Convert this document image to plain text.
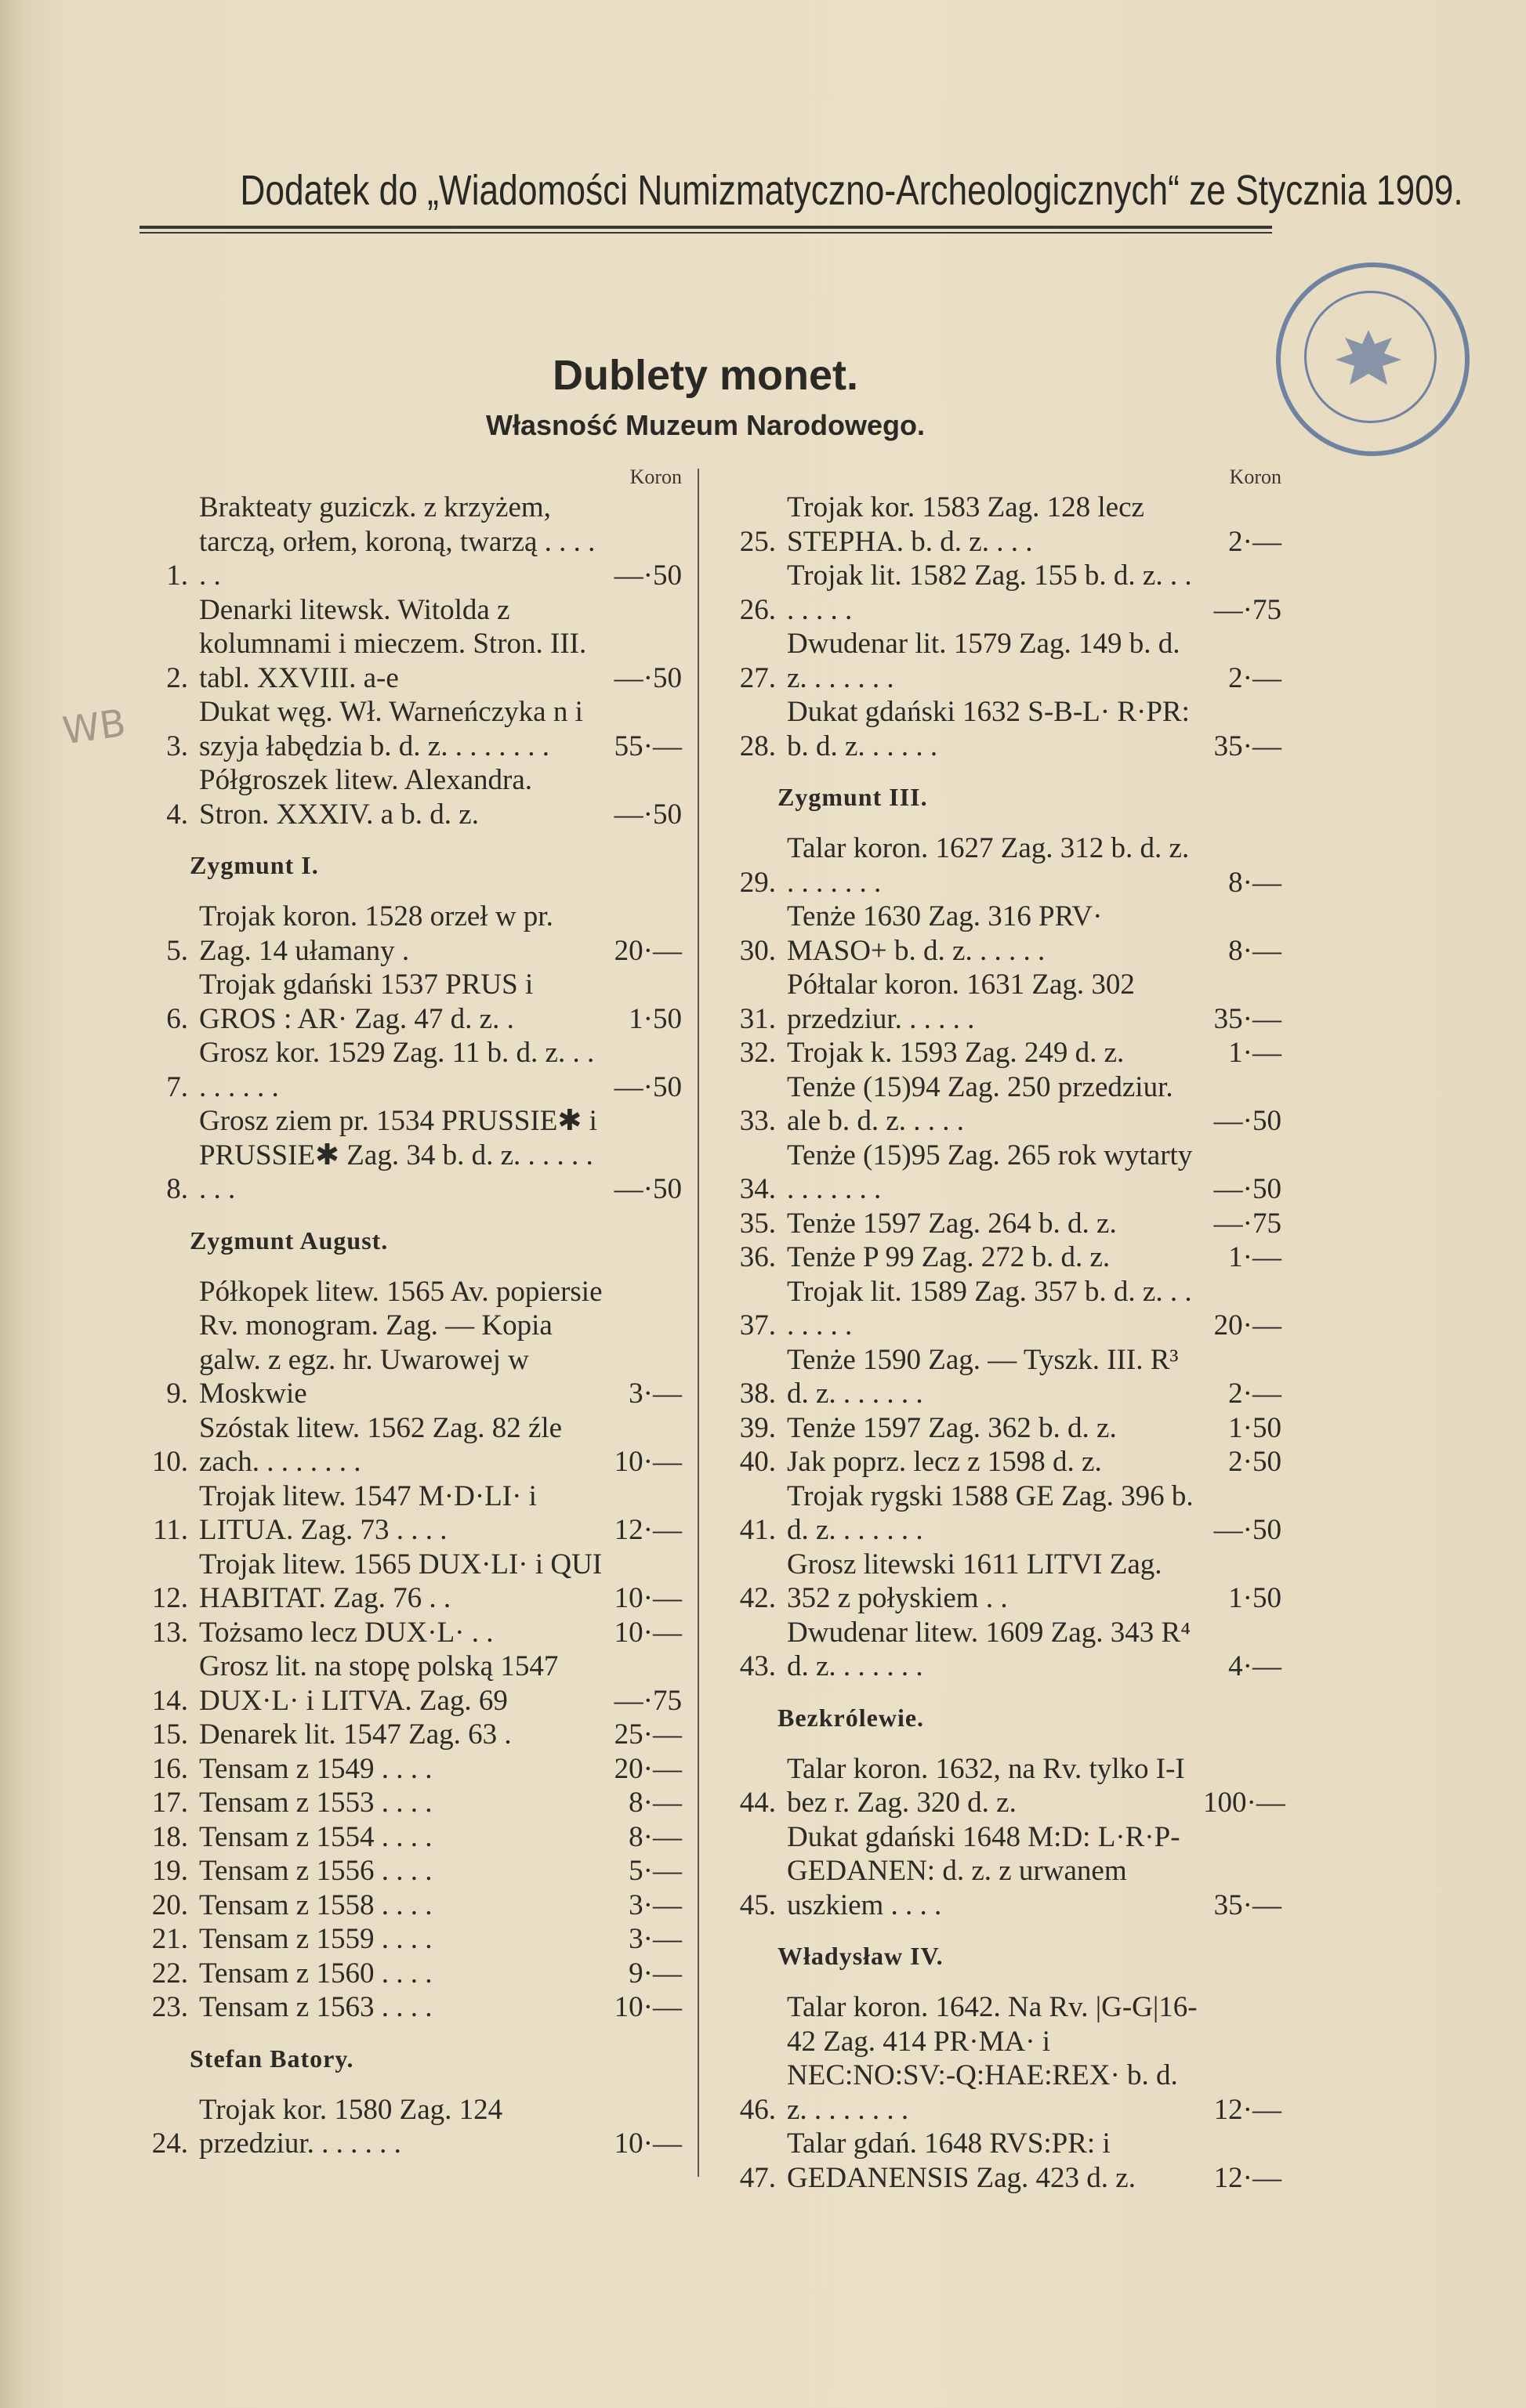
Dodatek do „Wiadomości Numizmatyczno-Archeologicznych“ ze Stycznia 1909.
WB
Dublety monet.
Własność Muzeum Narodowego.
Koron
1.
Brakteaty guziczk. z krzyżem, tarczą, orłem, koroną, twarzą . . . . . .	—·50
2.
Denarki litewsk. Witolda z kolumnami i mieczem. Stron. III. tabl. XXVIII. a-e	—·50
3.
Dukat węg. Wł. Warneńczyka n i szyja łabędzia b. d. z. . . . . . . .	55·—
4.
Półgroszek litew. Alexandra. Stron. XXXIV. a b. d. z.	—·50
Zygmunt I.
5.
Trojak koron. 1528 orzeł w pr. Zag. 14 ułamany .	20·—
6.
Trojak gdański 1537 PRUS i GROS : AR· Zag. 47 d. z. .	1·50
7.
Grosz kor. 1529 Zag. 11 b. d. z. . . . . . . . .	—·50
8.
Grosz ziem pr. 1534 PRUSSIE✱ i PRUSSIE✱ Zag. 34 b. d. z. . . . . . . . .	—·50
Zygmunt August.
9.
Półkopek litew. 1565 Av. popiersie Rv. monogram. Zag. — Kopia galw. z egz. hr. Uwarowej w Moskwie	3·—
10.
Szóstak litew. 1562 Zag. 82 źle zach. . . . . . . .	10·—
11.
Trojak litew. 1547 M·D·LI· i LITUA. Zag. 73 . . . .	12·—
12.
Trojak litew. 1565 DUX·LI· i QUI HABITAT. Zag. 76 . .	10·—
13. Tożsamo lecz DUX·L· . .	10·—
14.
Grosz lit. na stopę polską 1547 DUX·L· i LITVA. Zag. 69	—·75
15. Denarek lit. 1547 Zag. 63 .	25·—
16. Tensam z 1549 . . . .	20·—
17. Tensam z 1553 . . . .	8·—
18. Tensam z 1554 . . . .	8·—
19. Tensam z 1556 . . . .	5·—
20. Tensam z 1558 . . . .	3·—
21. Tensam z 1559 . . . .	3·—
22. Tensam z 1560 . . . .	9·—
23. Tensam z 1563 . . . .	10·—
Stefan Batory.
24.
Trojak kor. 1580 Zag. 124 przedziur. . . . . . .	10·—
Koron
25.
Trojak kor. 1583 Zag. 128 lecz STEPHA. b. d. z. . . .	2·—
26.
Trojak lit. 1582 Zag. 155 b. d. z. . . . . . . .	—·75
27.
Dwudenar lit. 1579 Zag. 149 b. d. z. . . . . . .	2·—
28.
Dukat gdański 1632 S-B-L· R·PR: b. d. z. . . . . .	35·—
Zygmunt III.
29.
Talar koron. 1627 Zag. 312 b. d. z. . . . . . . .	8·—
30.
Tenże 1630 Zag. 316 PRV· MASO+ b. d. z. . . . . .	8·—
31.
Półtalar koron. 1631 Zag. 302 przedziur. . . . . .	35·—
32. Trojak k. 1593 Zag. 249 d. z.	1·—
33.
Tenże (15)94 Zag. 250 przedziur. ale b. d. z. . . . .	—·50
34.
Tenże (15)95 Zag. 265 rok wytarty . . . . . . .	—·50
35. Tenże 1597 Zag. 264 b. d. z.	—·75
36. Tenże P 99 Zag. 272 b. d. z.	1·—
37.
Trojak lit. 1589 Zag. 357 b. d. z. . . . . . . .	20·—
38.
Tenże 1590 Zag. — Tyszk. III. R³ d. z. . . . . . .	2·—
39. Tenże 1597 Zag. 362 b. d. z.	1·50
40. Jak poprz. lecz z 1598 d. z.	2·50
41.
Trojak rygski 1588 GE Zag. 396 b. d. z. . . . . . .	—·50
42.
Grosz litewski 1611 LITVI Zag. 352 z połyskiem . .	1·50
43.
Dwudenar litew. 1609 Zag. 343 R⁴ d. z. . . . . . .	4·—
Bezkrólewie.
44.
Talar koron. 1632, na Rv. tylko I-I bez r. Zag. 320 d. z.	100·—
45.
Dukat gdański 1648 M:D: L·R·P-GEDANEN: d. z. z urwanem uszkiem . . . .	35·—
Władysław IV.
46.
Talar koron. 1642. Na Rv. |G-G|16-42 Zag. 414 PR·MA· i NEC:NO:SV:-Q:HAE:REX· b. d. z. . . . . . . .	12·—
47.
Talar gdań. 1648 RVS:PR: i GEDANENSIS Zag. 423 d. z.	12·—
